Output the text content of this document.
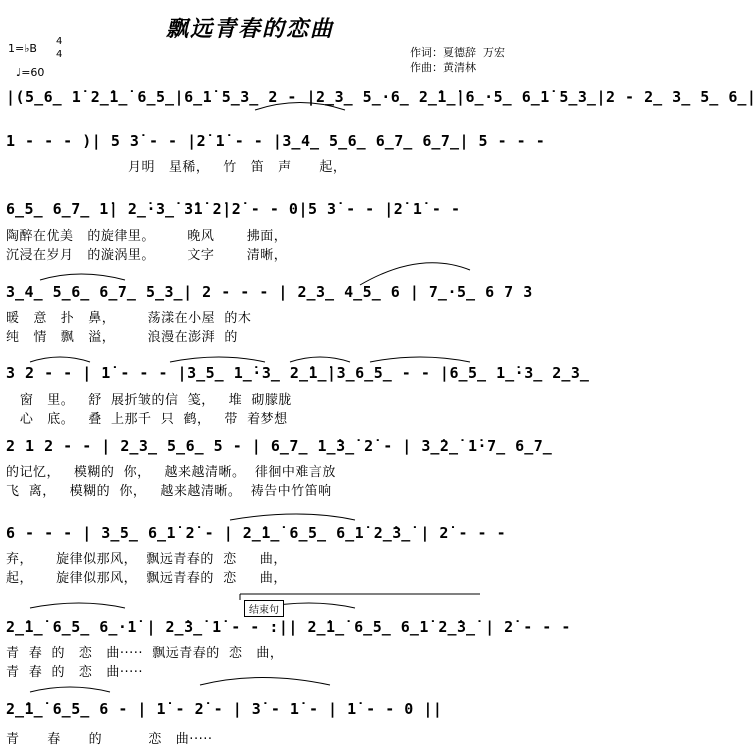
飘远青春的恋曲
1=♭B
4
4
♩=60
作词：夏德辞  万宏
作曲：黄清林
|(5̲6̲ 1̇ 2̲̇1̲̇ 6̲5̲|6̲1̇ 5̲3̲ 2 - |2̲3̲ 5̲·6̲ 2̲̇1̲̇|6̲·5̲ 6̲1̇ 5̲3̲|2 - 2̲ 3̲ 5̲ 6̲|
1 - - - )| 5 3̇ - - |2̇ 1̇ - - |3̲4̲ 5̲6̲ 6̲7̲ 6̲7̲| 5 - - -
月明   星稀，   竹   笛   声      起，
6̲5̲ 6̲7̲ 1̇| 2̲̇·3̲̇ 3̇1̇ 2̇|2̇ - - 0|5 3̇ - - |2̇ 1̇ - -
陶醉在优美   的旋律里。       晚风       拂面，
沉浸在岁月   的漩涡里。       文字       清晰，
3̲4̲ 5̲6̲ 6̲7̲ 5̲3̲| 2 - - - | 2̲3̲ 4̲5̲ 6 | 7̲·5̲ 6 7 3
暖   意   扑   鼻，       荡漾在小屋  的木
纯   情   飘   溢，       浪漫在澎湃  的
3 2 - - | 1̇ - - - |3̲5̲ 1̲̇·3̲ 2̲̇1̲̇|3̲6̲5̲ - - |6̲5̲ 1̲̇·3̲ 2̲3̲
窗   里。   舒  展折皱的信  笺，   堆  砌朦胧
心   底。   叠  上那千  只  鹤，   带  着梦想
2 1 2 - - | 2̲3̲ 5̲6̲ 5 - | 6̲7̲ 1̲̇3̲̇ 2̇ - | 3̲̇2̲̇ 1̇·7̲ 6̲7̲
的记忆，   模糊的  你，   越来越清晰。  徘徊中难言放
飞  离，   模糊的  你，   越来越清晰。  祷告中竹笛响
6 - - - | 3̲5̲ 6̲1̇ 2̇ - | 2̲̇1̲̇ 6̲5̲ 6̲1̇ 2̲̇3̲̇ | 2̇ - - -
弃，     旋律似那风，  飘远青春的  恋     曲，
起，     旋律似那风，  飘远青春的  恋     曲，
结束句
2̲̇1̲̇ 6̲5̲ 6̲·1̇ | 2̲̇3̲̇ 1̇ - - :|| 2̲̇1̲̇ 6̲5̲ 6̲1̇ 2̲̇3̲̇ | 2̇ - - -
青  春  的   恋   曲·····  飘远青春的  恋   曲，
青  春  的   恋   曲·····
2̲̇1̲̇ 6̲5̲ 6 - | 1̇ - 2̇ - | 3̇ - 1̇ - | 1̇ - - 0 ||
青      春      的          恋   曲·····
